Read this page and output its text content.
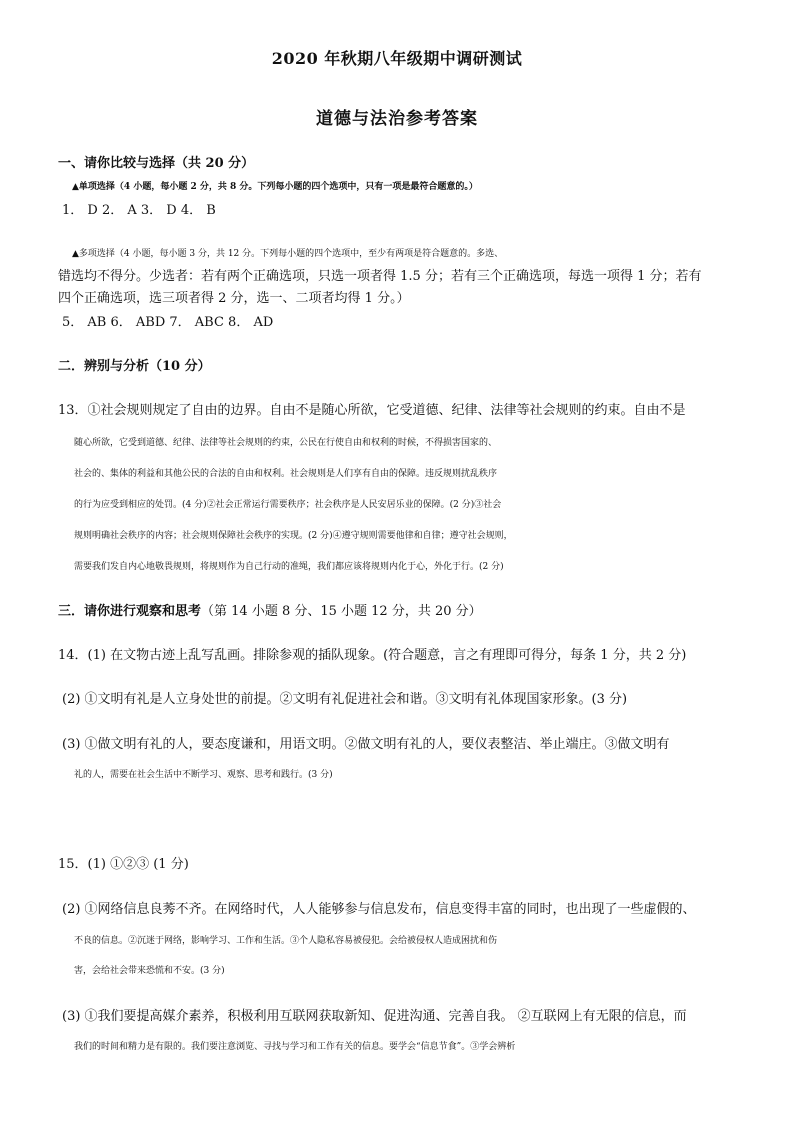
2020 年秋期八年级期中调研测试
道德与法治参考答案
一、请你比较与选择（共 20 分）
▲单项选择（4 小题，每小题 2 分，共 8 分。下列每小题的四个选项中，只有一项是最符合题意的。）
1． D 2． A 3． D 4． B
▲多项选择（4 小题，每小题 3 分，共 12 分。下列每小题的四个选项中，至少有两项是符合题意的。多选、
错选均不得分。少选者：若有两个正确选项，只选一项者得 1.5 分；若有三个正确选项，每选一项得 1 分；若有
四个正确选项，选三项者得 2 分，选一、二项者均得 1 分。）
5． AB 6． ABD 7． ABC 8． AD
二．辨别与分析（10 分）
13．①社会规则规定了自由的边界。自由不是随心所欲，它受道德、纪律、法律等社会规则的约束。自由不是
随心所欲，它受到道德、纪律、法律等社会规则的约束，公民在行使自由和权利的时候，不得损害国家的、
社会的、集体的利益和其他公民的合法的自由和权利。社会规则是人们享有自由的保障。违反规则扰乱秩序
的行为应受到相应的处罚。(4 分)②社会正常运行需要秩序；社会秩序是人民安居乐业的保障。(2 分)③社会
规则明确社会秩序的内容；社会规则保障社会秩序的实现。(2 分)④遵守规则需要他律和自律；遵守社会规则，
需要我们发自内心地敬畏规则，将规则作为自己行动的准绳，我们都应该将规则内化于心，外化于行。(2 分)
三．请你进行观察和思考（第 14 小题 8 分、15 小题 12 分，共 20 分）
14．(1) 在文物古迹上乱写乱画。排除参观的插队现象。(符合题意，言之有理即可得分，每条 1 分，共 2 分)
(2) ①文明有礼是人立身处世的前提。②文明有礼促进社会和谐。③文明有礼体现国家形象。(3 分)
(3) ①做文明有礼的人，要态度谦和，用语文明。②做文明有礼的人，要仪表整洁、举止端庄。③做文明有
礼的人，需要在社会生活中不断学习、观察、思考和践行。(3 分)
15．(1) ①②③ (1 分)
(2) ①网络信息良莠不齐。在网络时代，人人能够参与信息发布，信息变得丰富的同时，也出现了一些虚假的、
不良的信息。②沉迷于网络，影响学习、工作和生活。③个人隐私容易被侵犯。会给被侵权人造成困扰和伤
害，会给社会带来恐慌和不安。(3 分)
(3) ①我们要提高媒介素养，积极利用互联网获取新知、促进沟通、完善自我。 ②互联网上有无限的信息，而
我们的时间和精力是有限的。我们要注意浏览、寻找与学习和工作有关的信息。要学会“信息节食”。③学会辨析
